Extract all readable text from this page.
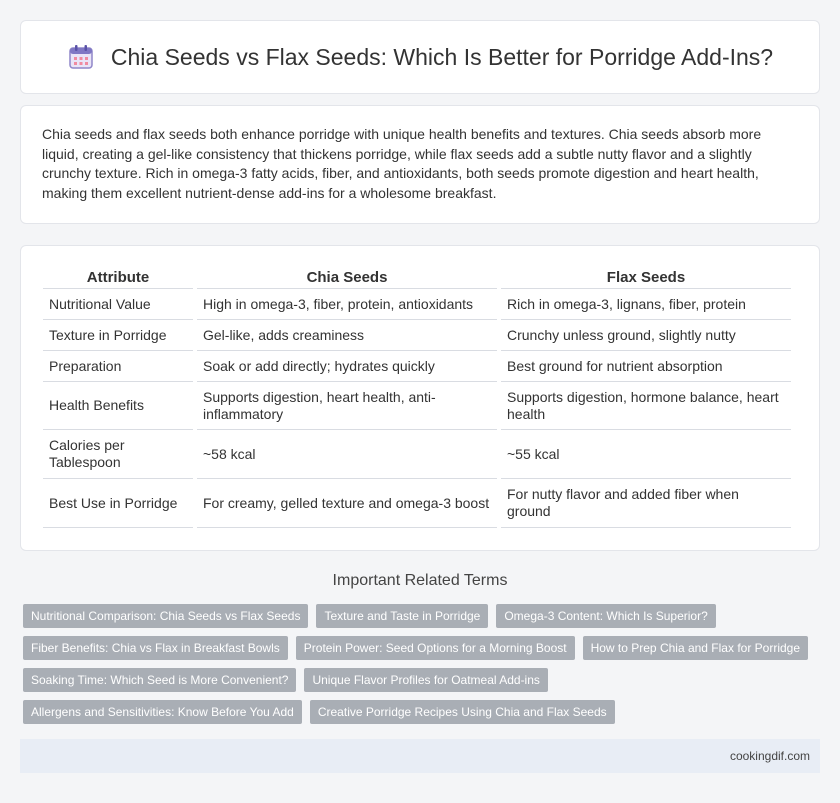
Chia Seeds vs Flax Seeds: Which Is Better for Porridge Add-Ins?

Chia seeds and flax seeds both enhance porridge with unique health benefits and textures. Chia seeds absorb more liquid, creating a gel-like consistency that thickens porridge, while flax seeds add a subtle nutty flavor and a slightly crunchy texture. Rich in omega-3 fatty acids, fiber, and antioxidants, both seeds promote digestion and heart health, making them excellent nutrient-dense add-ins for a wholesome breakfast.

Attribute	Chia Seeds	Flax Seeds
Nutritional Value	High in omega-3, fiber, protein, antioxidants	Rich in omega-3, lignans, fiber, protein
Texture in Porridge	Gel-like, adds creaminess	Crunchy unless ground, slightly nutty
Preparation	Soak or add directly; hydrates quickly	Best ground for nutrient absorption
Health Benefits	Supports digestion, heart health, anti-inflammatory	Supports digestion, hormone balance, heart health
Calories per Tablespoon	~58 kcal	~55 kcal
Best Use in Porridge	For creamy, gelled texture and omega-3 boost	For nutty flavor and added fiber when ground
Important Related Terms
Nutritional Comparison: Chia Seeds vs Flax Seeds	Texture and Taste in Porridge	Omega-3 Content: Which Is Superior?
Fiber Benefits: Chia vs Flax in Breakfast Bowls	Protein Power: Seed Options for a Morning Boost	How to Prep Chia and Flax for Porridge
Soaking Time: Which Seed is More Convenient?	Unique Flavor Profiles for Oatmeal Add-ins
Allergens and Sensitivities: Know Before You Add	Creative Porridge Recipes Using Chia and Flax Seeds
cookingdif.com
